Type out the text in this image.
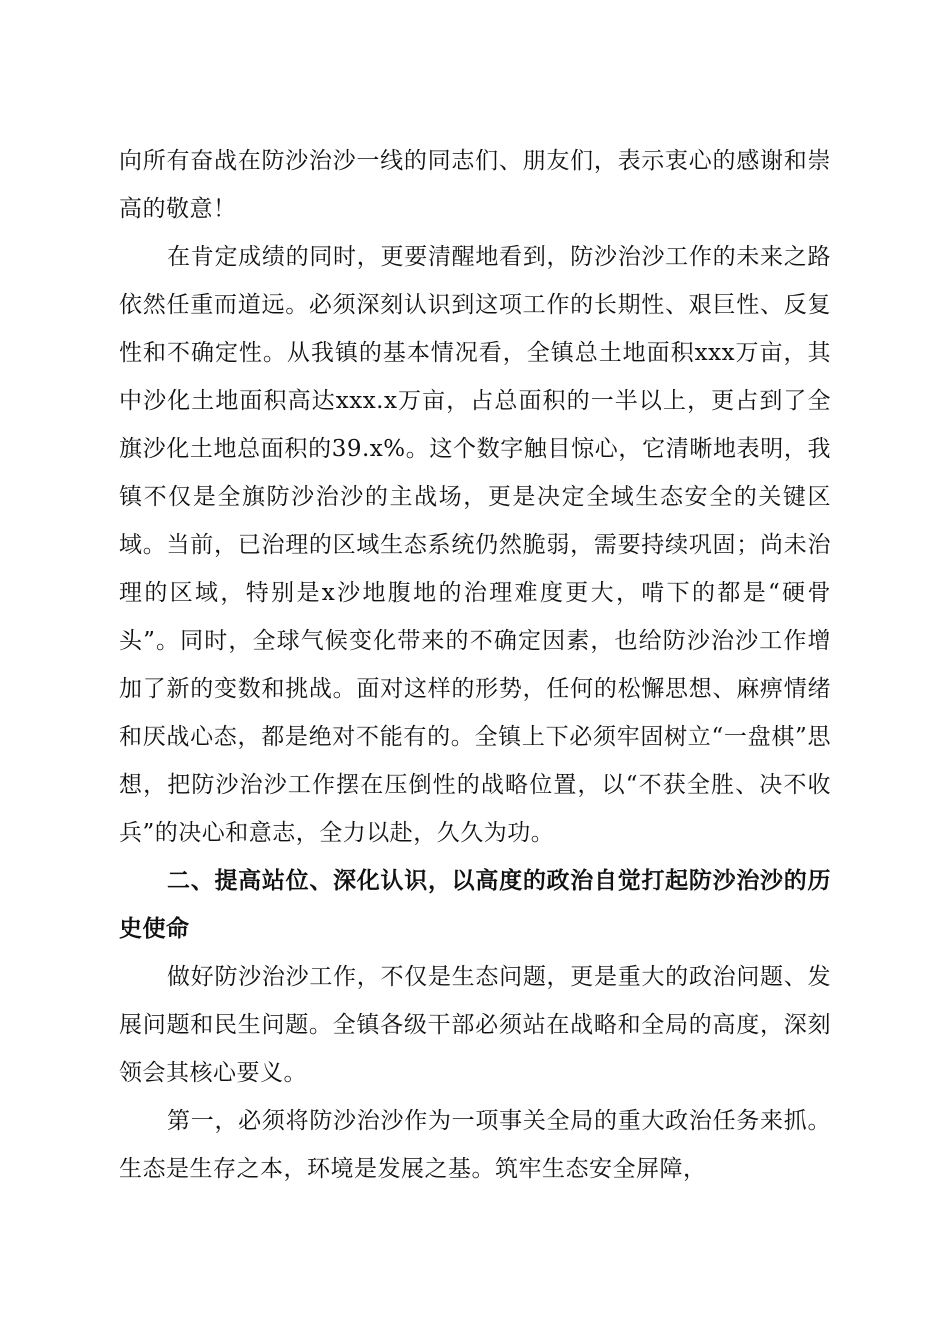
向所有奋战在防沙治沙一线的同志们、朋友们，表示衷心的感谢和崇高的敬意！

在肯定成绩的同时，更要清醒地看到，防沙治沙工作的未来之路依然任重而道远。必须深刻认识到这项工作的长期性、艰巨性、反复性和不确定性。从我镇的基本情况看，全镇总土地面积xxx万亩，其中沙化土地面积高达xxx.x万亩，占总面积的一半以上，更占到了全旗沙化土地总面积的39.x%。这个数字触目惊心，它清晰地表明，我镇不仅是全旗防沙治沙的主战场，更是决定全域生态安全的关键区域。当前，已治理的区域生态系统仍然脆弱，需要持续巩固；尚未治理的区域，特别是x沙地腹地的治理难度更大，啃下的都是“硬骨头”。同时，全球气候变化带来的不确定因素，也给防沙治沙工作增加了新的变数和挑战。面对这样的形势，任何的松懈思想、麻痹情绪和厌战心态，都是绝对不能有的。全镇上下必须牢固树立“一盘棋”思想，把防沙治沙工作摆在压倒性的战略位置，以“不获全胜、决不收兵”的决心和意志，全力以赴，久久为功。

二、提高站位、深化认识，以高度的政治自觉打起防沙治沙的历史使命

做好防沙治沙工作，不仅是生态问题，更是重大的政治问题、发展问题和民生问题。全镇各级干部必须站在战略和全局的高度，深刻领会其核心要义。

第一，必须将防沙治沙作为一项事关全局的重大政治任务来抓。生态是生存之本，环境是发展之基。筑牢生态安全屏障，
